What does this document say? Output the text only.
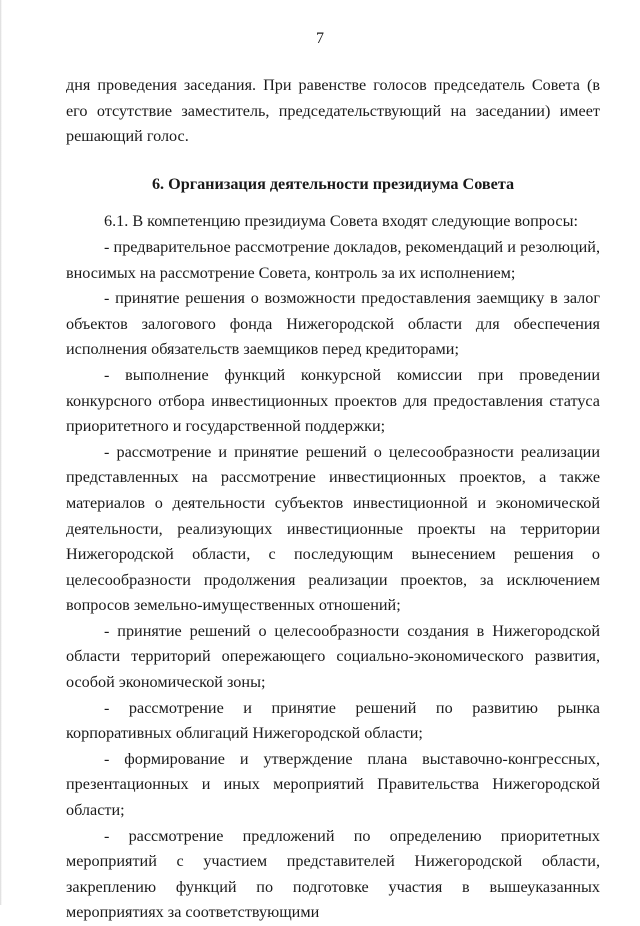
7

дня проведения заседания. При равенстве голосов председатель Совета (в его отсутствие заместитель, председательствующий на заседании) имеет решающий голос.

6. Организация деятельности президиума Совета

6.1. В компетенцию президиума Совета входят следующие вопросы:

- предварительное рассмотрение докладов, рекомендаций и резолюций, вносимых на рассмотрение Совета, контроль за их исполнением;

- принятие решения о возможности предоставления заемщику в залог объектов залогового фонда Нижегородской области для обеспечения исполнения обязательств заемщиков перед кредиторами;

- выполнение функций конкурсной комиссии при проведении конкурсного отбора инвестиционных проектов для предоставления статуса приоритетного и государственной поддержки;

- рассмотрение и принятие решений о целесообразности реализации представленных на рассмотрение инвестиционных проектов, а также материалов о деятельности субъектов инвестиционной и экономической деятельности, реализующих инвестиционные проекты на территории Нижегородской области, с последующим вынесением решения о целесообразности продолжения реализации проектов, за исключением вопросов земельно-имущественных отношений;

- принятие решений о целесообразности создания в Нижегородской области территорий опережающего социально-экономического развития, особой экономической зоны;

- рассмотрение и принятие решений по развитию рынка корпоративных облигаций Нижегородской области;

- формирование и утверждение плана выставочно-конгрессных, презентационных и иных мероприятий Правительства Нижегородской области;

- рассмотрение предложений по определению приоритетных мероприятий с участием представителей Нижегородской области, закреплению функций по подготовке участия в вышеуказанных мероприятиях за соответствующими
